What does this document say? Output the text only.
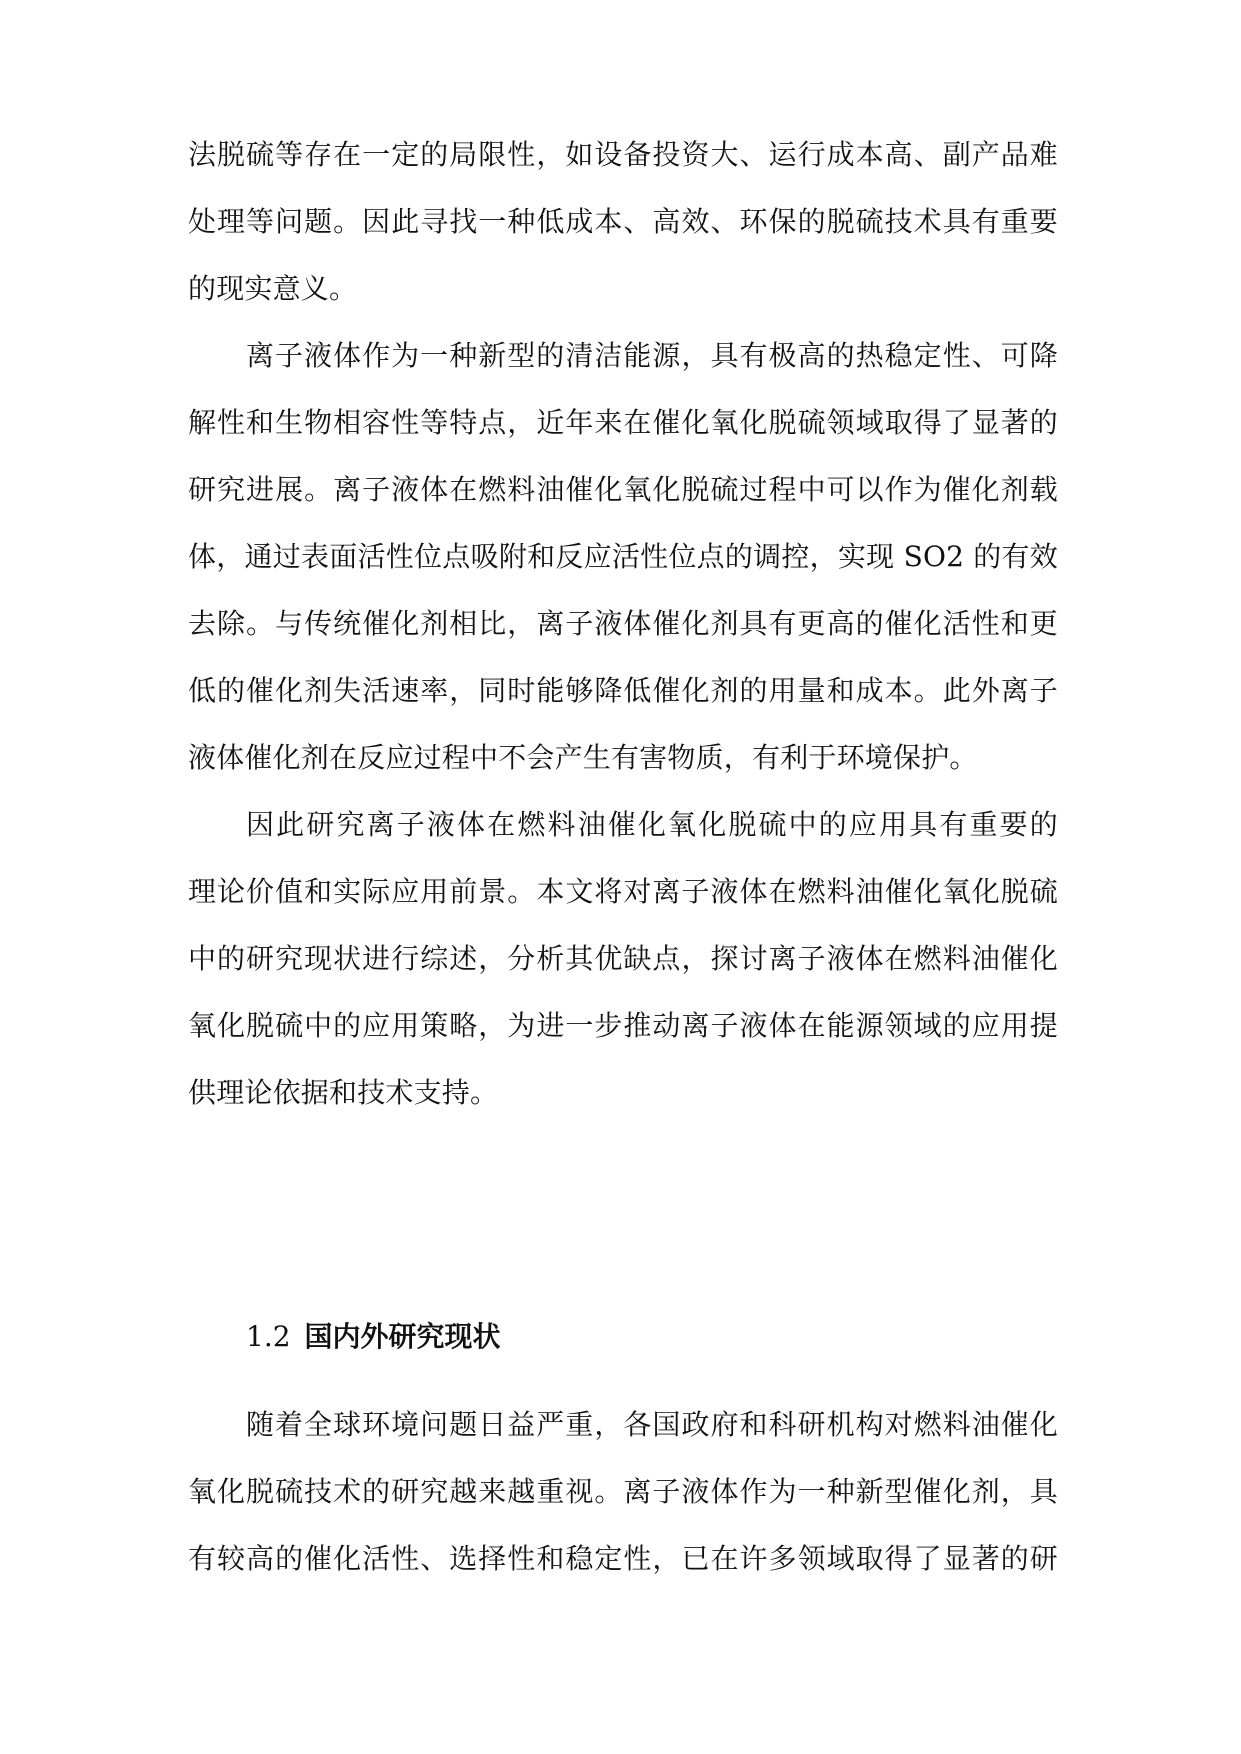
法脱硫等存在一定的局限性，如设备投资大、运行成本高、副产品难
处理等问题。因此寻找一种低成本、高效、环保的脱硫技术具有重要
的现实意义。
离子液体作为一种新型的清洁能源，具有极高的热稳定性、可降
解性和生物相容性等特点，近年来在催化氧化脱硫领域取得了显著的
研究进展。离子液体在燃料油催化氧化脱硫过程中可以作为催化剂载
体，通过表面活性位点吸附和反应活性位点的调控，实现 SO2 的有效
去除。与传统催化剂相比，离子液体催化剂具有更高的催化活性和更
低的催化剂失活速率，同时能够降低催化剂的用量和成本。此外离子
液体催化剂在反应过程中不会产生有害物质，有利于环境保护。
因此研究离子液体在燃料油催化氧化脱硫中的应用具有重要的
理论价值和实际应用前景。本文将对离子液体在燃料油催化氧化脱硫
中的研究现状进行综述，分析其优缺点，探讨离子液体在燃料油催化
氧化脱硫中的应用策略，为进一步推动离子液体在能源领域的应用提
供理论依据和技术支持。
1.2 国内外研究现状
随着全球环境问题日益严重，各国政府和科研机构对燃料油催化
氧化脱硫技术的研究越来越重视。离子液体作为一种新型催化剂，具
有较高的催化活性、选择性和稳定性，已在许多领域取得了显著的研
